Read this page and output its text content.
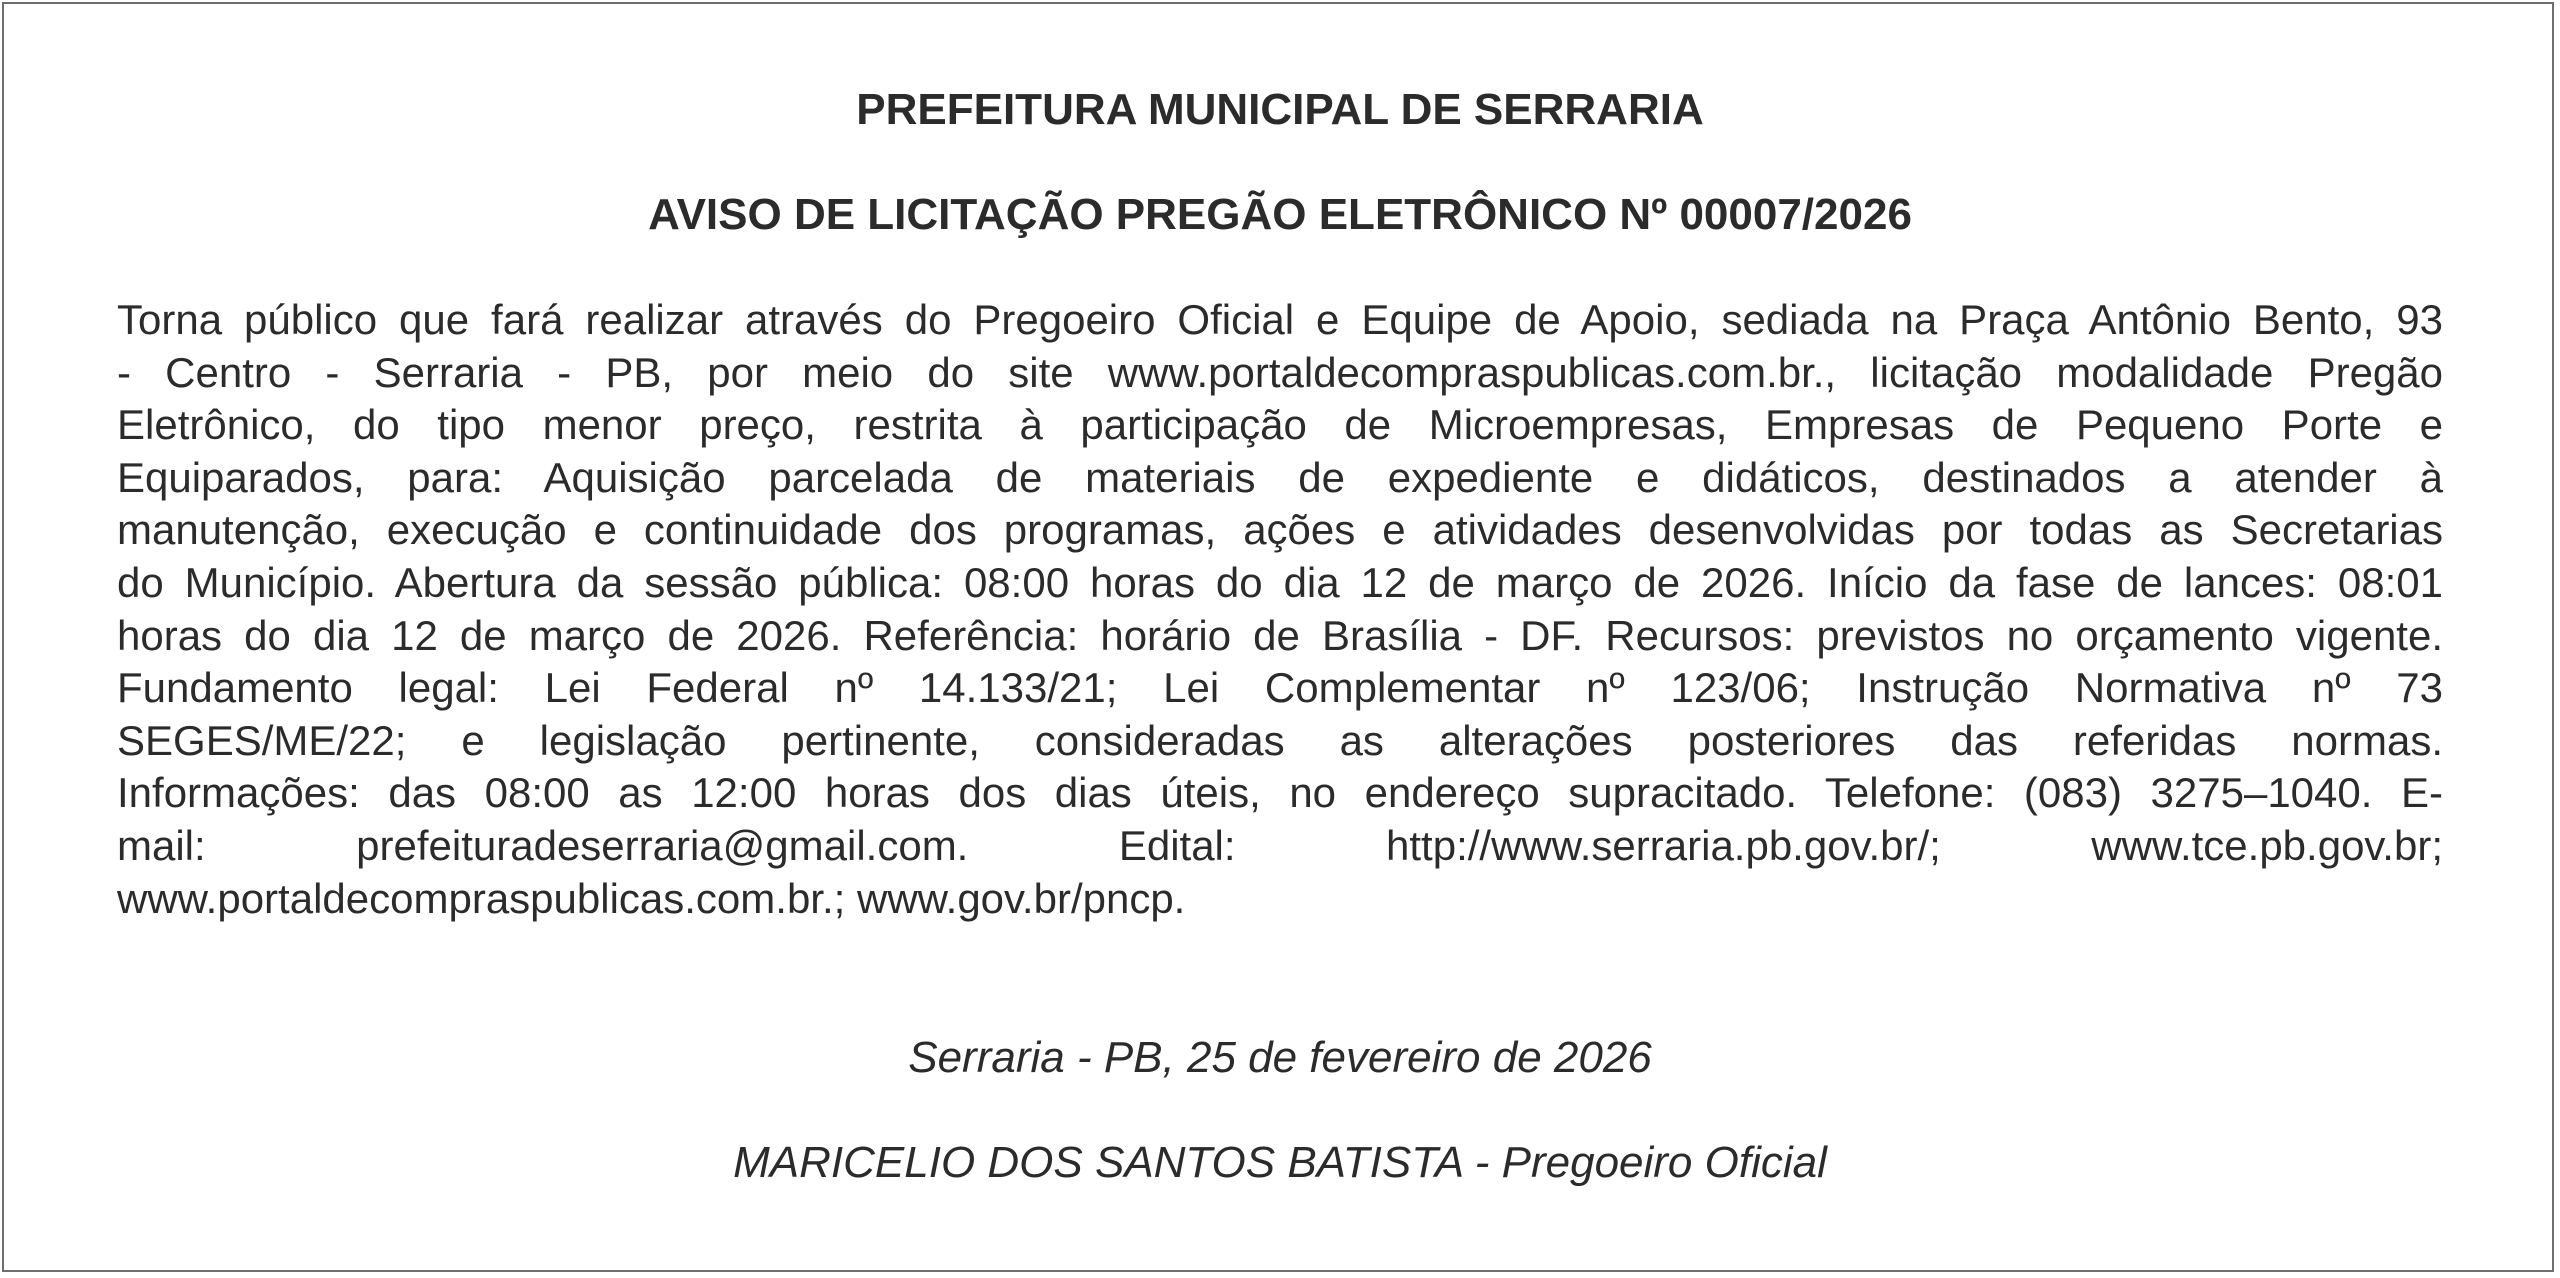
PREFEITURA MUNICIPAL DE SERRARIA
AVISO DE LICITAÇÃO PREGÃO ELETRÔNICO Nº 00007/2026
Torna público que fará realizar através do Pregoeiro Oficial e Equipe de Apoio, sediada na Praça Antônio Bento, 93
- Centro - Serraria - PB, por meio do site www.portaldecompraspublicas.com.br., licitação modalidade Pregão
Eletrônico, do tipo menor preço, restrita à participação de Microempresas, Empresas de Pequeno Porte e
Equiparados, para: Aquisição parcelada de materiais de expediente e didáticos, destinados a atender à
manutenção, execução e continuidade dos programas, ações e atividades desenvolvidas por todas as Secretarias
do Município. Abertura da sessão pública: 08:00 horas do dia 12 de março de 2026. Início da fase de lances: 08:01
horas do dia 12 de março de 2026. Referência: horário de Brasília - DF. Recursos: previstos no orçamento vigente.
Fundamento legal: Lei Federal nº 14.133/21; Lei Complementar nº 123/06; Instrução Normativa nº 73
SEGES/ME/22; e legislação pertinente, consideradas as alterações posteriores das referidas normas.
Informações: das 08:00 as 12:00 horas dos dias úteis, no endereço supracitado. Telefone: (083) 3275–1040. E-
mail: prefeituradeserraria@gmail.com. Edital: http://www.serraria.pb.gov.br/; www.tce.pb.gov.br;
www.portaldecompraspublicas.com.br.; www.gov.br/pncp.
Serraria - PB, 25 de fevereiro de 2026
MARICELIO DOS SANTOS BATISTA - Pregoeiro Oficial
